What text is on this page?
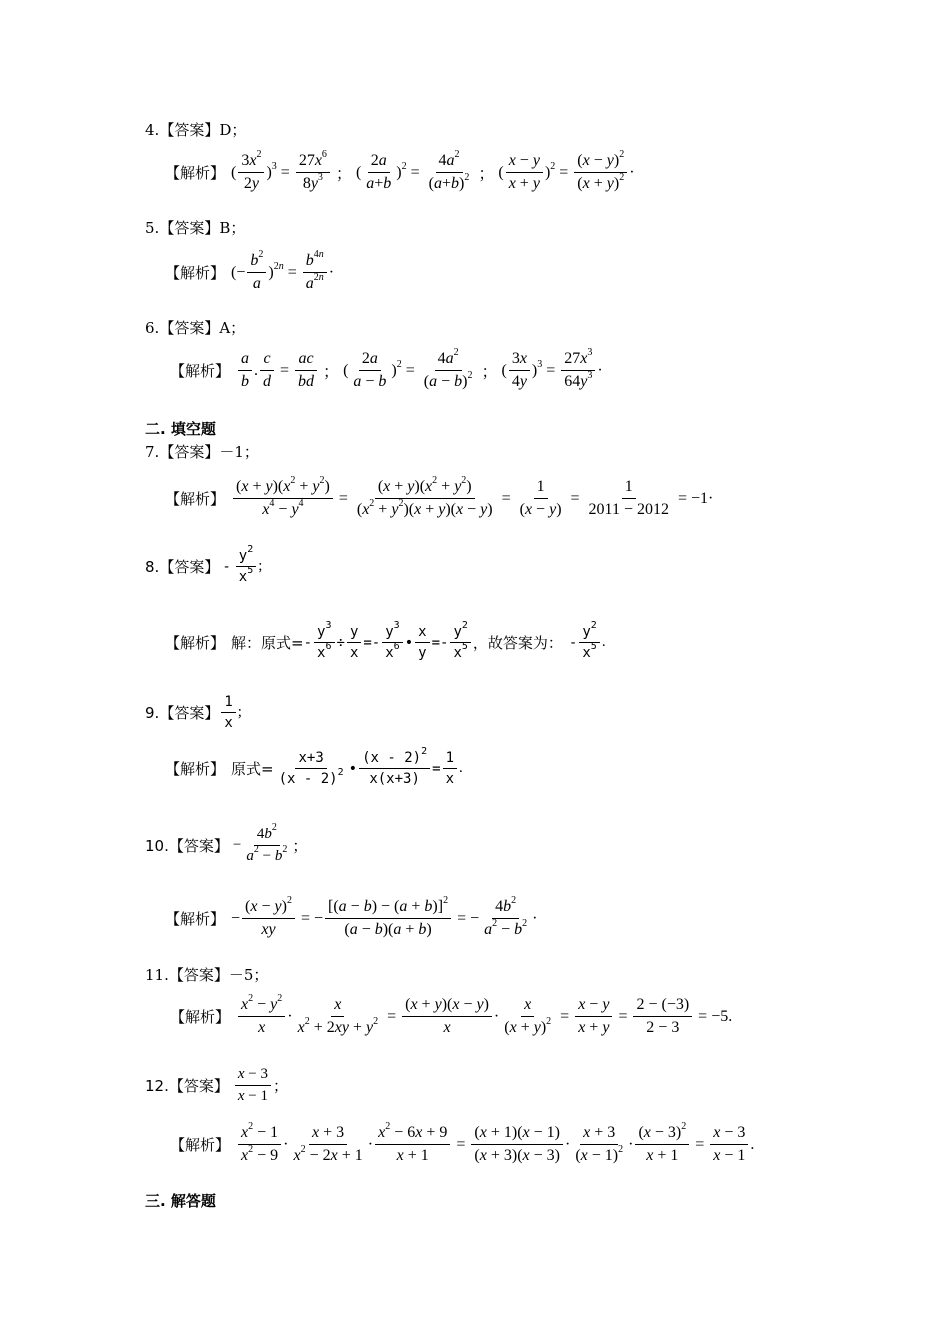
4.【答案】D；
【解析】 (
$3x^2$
2y
)$^3 = \frac{27x^6}{8y^3}$ ； (
2a
a+b
)$^2 = \frac{4a^2}{(a+b)^2}$ ； (
x − y
x + y
)$^2 = \frac{(x - y)^2}{(x + y)^2}$ ·
5.【答案】B；
【解析】 (− $\frac{b^2}{a} )^{2n} = \frac{b^{4n}}{a^{2n}}$ ·
6.【答案】A；
【解析】
a
b
. $\frac{c}{d} = \frac{ac}{bd}$ ； (
2a
a − b
)$^2 = \frac{4a^2}{(a - b)^2}$ ； (
3x
4y
)$^3 = \frac{27x^3}{64y^3}$ ·
二. 填空题
7.【答案】－1；
【解析】 $\frac{(x + y)(x^2 + y^2)}{x^4 - y^4} = \frac{(x + y)(x^2 + y^2)}{(x^2 + y^2)(x + y)(x - y)} = \frac{1}{(x - y)} = \frac{1}{2011 - 2012} = -1\cdot$
8.【答案】 -
$y^2$
$x^5$ ;
【解析】 解：原式= - $\frac{y^3}{x^6} \div \frac{y}{x}$ =-
$y^3$
$x^6$ • $\frac{x}{y}$ =-
$y^2$
$x^5$ ，故答案为： -
$y^2$
$x^5$ .
9.【答案】
1
x
;
【解析】 原式= $\frac{x+3}{(x - 2)^2}$ • $\frac{(x - 2)^2}{x(x+3)} = \frac{1}{x}$ .
10.【答案】 − $\frac{4b^2}{a^2 - b^2}$ ；
【解析】 − $\frac{(x - y)^2}{xy}$ = − $\frac{[(a - b) - (a + b)]^2}{(a - b)(a + b)}$ = − $\frac{4b^2}{a^2 - b^2}$ ·
11.【答案】－5；
【解析】
$x^2 - y^2$
x
· $\frac{x}{x^2 + 2xy + y^2} = \frac{(x + y)(x - y)}{x} \cdot \frac{x}{(x + y)^2} = \frac{x - y}{x + y} = \frac{2 - (-3)}{2 - 3} = -5$.
12.【答案】
x − 3
x − 1
；
【解析】
$x^2 - 1$
$x^2 - 9$
·
x + 3
$x^2 - 2x + 1$
· $\frac{x^2 - 6x + 9}{x + 1} = \frac{(x + 1)(x - 1)}{(x + 3)(x - 3)}$ ·
x + 3
$(x - 1)^2 \cdot \frac{(x - 3)^2}{x + 1} = \frac{x - 3}{x - 1}$ .
三. 解答题
